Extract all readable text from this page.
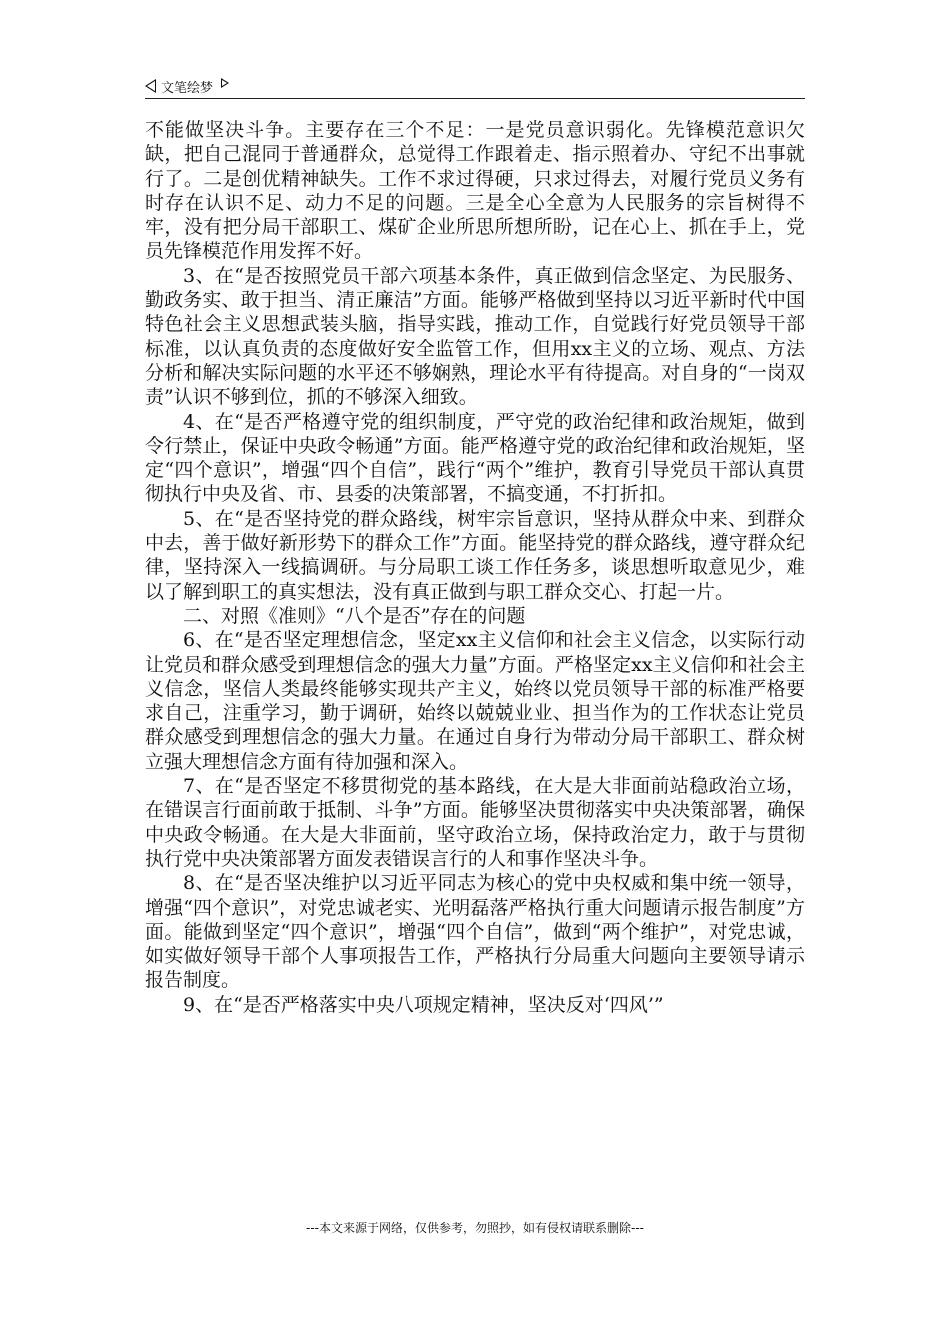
文笔绘梦

不能做坚决斗争。主要存在三个不足：一是党员意识弱化。先锋模范意识欠缺，把自己混同于普通群众，总觉得工作跟着走、指示照着办、守纪不出事就行了。二是创优精神缺失。工作不求过得硬，只求过得去，对履行党员义务有时存在认识不足、动力不足的问题。三是全心全意为人民服务的宗旨树得不牢，没有把分局干部职工、煤矿企业所思所想所盼，记在心上、抓在手上，党员先锋模范作用发挥不好。

3、在“是否按照党员干部六项基本条件，真正做到信念坚定、为民服务、勤政务实、敢于担当、清正廉洁”方面。能够严格做到坚持以习近平新时代中国特色社会主义思想武装头脑，指导实践，推动工作，自觉践行好党员领导干部标准，以认真负责的态度做好安全监管工作，但用xx主义的立场、观点、方法分析和解决实际问题的水平还不够娴熟，理论水平有待提高。对自身的“一岗双责”认识不够到位，抓的不够深入细致。

4、在“是否严格遵守党的组织制度，严守党的政治纪律和政治规矩，做到令行禁止，保证中央政令畅通”方面。能严格遵守党的政治纪律和政治规矩，坚定“四个意识”，增强“四个自信”，践行“两个”维护，教育引导党员干部认真贯彻执行中央及省、市、县委的决策部署，不搞变通，不打折扣。

5、在“是否坚持党的群众路线，树牢宗旨意识，坚持从群众中来、到群众中去，善于做好新形势下的群众工作”方面。能坚持党的群众路线，遵守群众纪律，坚持深入一线搞调研。与分局职工谈工作任务多，谈思想听取意见少，难以了解到职工的真实想法，没有真正做到与职工群众交心、打起一片。

二、对照《准则》“八个是否”存在的问题

6、在“是否坚定理想信念，坚定xx主义信仰和社会主义信念，以实际行动让党员和群众感受到理想信念的强大力量”方面。严格坚定xx主义信仰和社会主义信念，坚信人类最终能够实现共产主义，始终以党员领导干部的标准严格要求自己，注重学习，勤于调研，始终以兢兢业业、担当作为的工作状态让党员群众感受到理想信念的强大力量。在通过自身行为带动分局干部职工、群众树立强大理想信念方面有待加强和深入。

7、在“是否坚定不移贯彻党的基本路线，在大是大非面前站稳政治立场，在错误言行面前敢于抵制、斗争”方面。能够坚决贯彻落实中央决策部署，确保中央政令畅通。在大是大非面前，坚守政治立场，保持政治定力，敢于与贯彻执行党中央决策部署方面发表错误言行的人和事作坚决斗争。

8、在“是否坚决维护以习近平同志为核心的党中央权威和集中统一领导，增强“四个意识”，对党忠诚老实、光明磊落严格执行重大问题请示报告制度”方面。能做到坚定“四个意识”，增强“四个自信”，做到“两个维护”，对党忠诚，如实做好领导干部个人事项报告工作，严格执行分局重大问题向主要领导请示报告制度。

9、在“是否严格落实中央八项规定精神，坚决反对‘四风’”

---本文来源于网络，仅供参考，勿照抄，如有侵权请联系删除---
